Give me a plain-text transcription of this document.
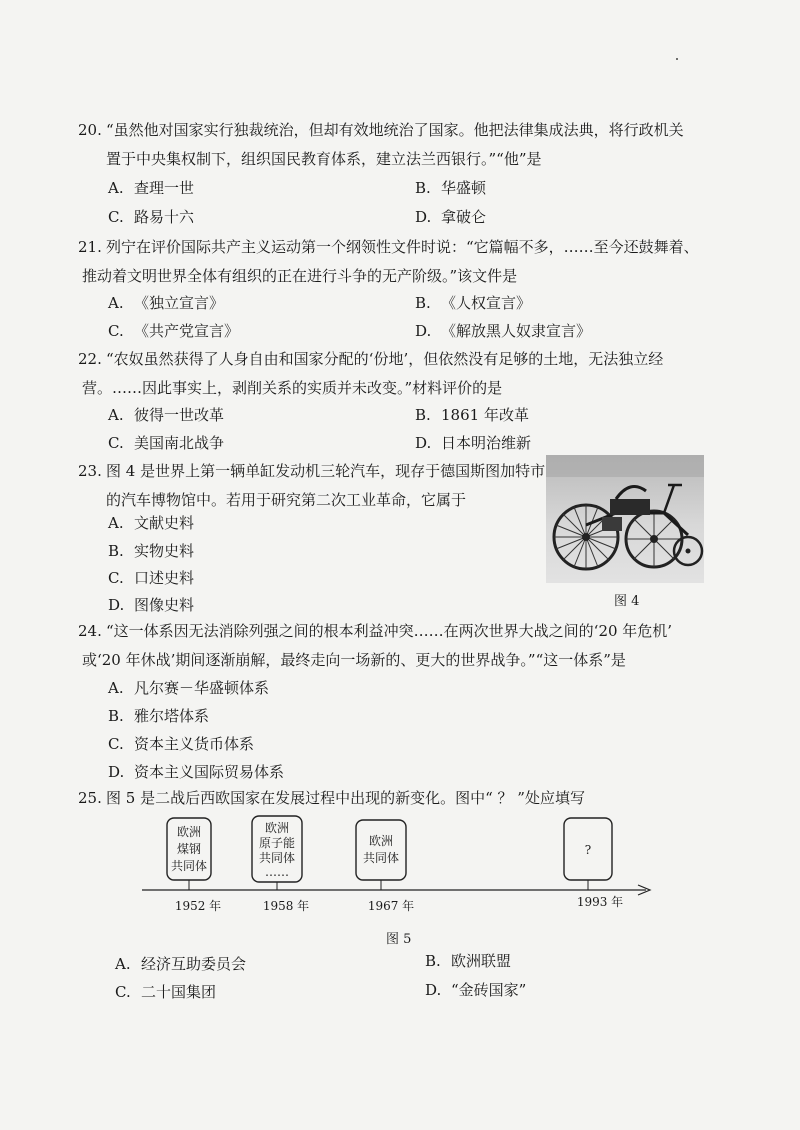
20. “虽然他对国家实行独裁统治，但却有效地统治了国家。他把法律集成法典，将行政机关
置于中央集权制下，组织国民教育体系，建立法兰西银行。”“他”是
A. 查理一世	B. 华盛顿
C. 路易十六	D. 拿破仑
21. 列宁在评价国际共产主义运动第一个纲领性文件时说：“它篇幅不多，……至今还鼓舞着、
推动着文明世界全体有组织的正在进行斗争的无产阶级。”该文件是
A. 《独立宣言》	B. 《人权宣言》
C. 《共产党宣言》	D. 《解放黑人奴隶宣言》
22. “农奴虽然获得了人身自由和国家分配的‘份地’，但依然没有足够的土地，无法独立经
营。……因此事实上，剥削关系的实质并未改变。”材料评价的是
A. 彼得一世改革	B. 1861 年改革
C. 美国南北战争	D. 日本明治维新
23. 图 4 是世界上第一辆单缸发动机三轮汽车，现存于德国斯图加特市
的汽车博物馆中。若用于研究第二次工业革命，它属于
A. 文献史料
B. 实物史料
C. 口述史料
D. 图像史料	图 4
24. “这一体系因无法消除列强之间的根本利益冲突……在两次世界大战之间的‘20 年危机’
或‘20 年休战’期间逐渐崩解，最终走向一场新的、更大的世界战争。”“这一体系”是
A. 凡尔赛－华盛顿体系
B. 雅尔塔体系
C. 资本主义货币体系
D. 资本主义国际贸易体系
25. 图 5 是二战后西欧国家在发展过程中出现的新变化。图中“ ？ ”处应填写
欧洲
煤钢
共同体
欧洲
原子能
共同体
……
欧洲
共同体
?
1952 年	1958 年	1967 年	1993 年
图 5
A. 经济互助委员会	B. 欧洲联盟
C. 二十国集团	D. “金砖国家”
